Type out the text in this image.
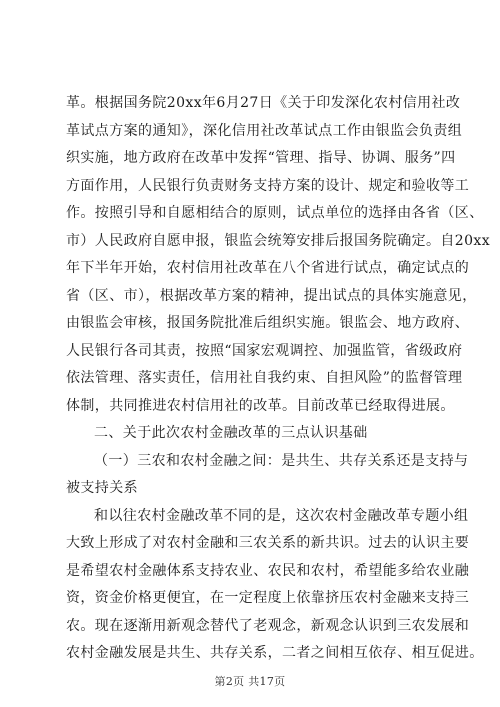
革。根据国务院20xx年6月27日《关于印发深化农村信用社改
革试点方案的通知》，深化信用社改革试点工作由银监会负责组
织实施，地方政府在改革中发挥“管理、指导、协调、服务”四
方面作用，人民银行负责财务支持方案的设计、规定和验收等工
作。按照引导和自愿相结合的原则，试点单位的选择由各省（区、
市）人民政府自愿申报，银监会统筹安排后报国务院确定。自20xx
年下半年开始，农村信用社改革在八个省进行试点，确定试点的
省（区、市），根据改革方案的精神，提出试点的具体实施意见，
由银监会审核，报国务院批准后组织实施。银监会、地方政府、
人民银行各司其责，按照“国家宏观调控、加强监管，省级政府
依法管理、落实责任，信用社自我约束、自担风险”的监督管理
体制，共同推进农村信用社的改革。目前改革已经取得进展。
二、关于此次农村金融改革的三点认识基础
（一）三农和农村金融之间：是共生、共存关系还是支持与
被支持关系
和以往农村金融改革不同的是，这次农村金融改革专题小组
大致上形成了对农村金融和三农关系的新共识。过去的认识主要
是希望农村金融体系支持农业、农民和农村，希望能多给农业融
资，资金价格更便宜，在一定程度上依靠挤压农村金融来支持三
农。现在逐渐用新观念替代了老观念，新观念认识到三农发展和
农村金融发展是共生、共存关系，二者之间相互依存、相互促进。
第2页 共17页
